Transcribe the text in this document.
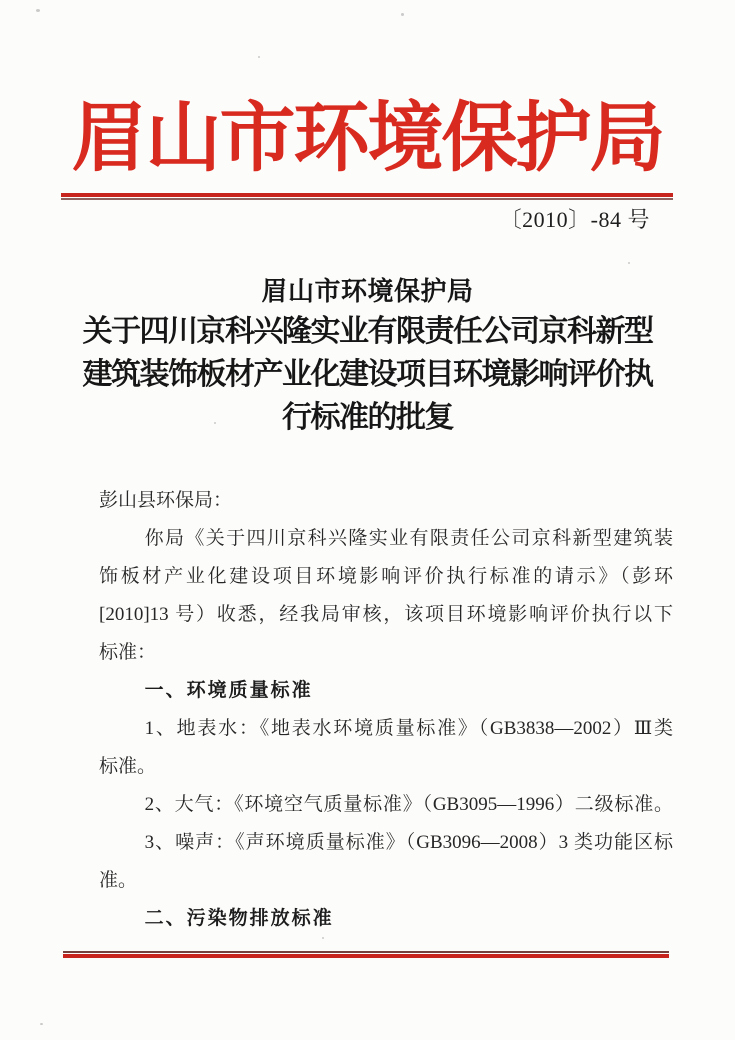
眉山市环境保护局
〔2010〕-84 号
眉山市环境保护局
关于四川京科兴隆实业有限责任公司京科新型
建筑装饰板材产业化建设项目环境影响评价执
行标准的批复
彭山县环保局：
你局《关于四川京科兴隆实业有限责任公司京科新型建筑装
饰板材产业化建设项目环境影响评价执行标准的请示》（彭环
[2010]13 号）收悉，经我局审核，该项目环境影响评价执行以下
标准：
一、环境质量标准
1、地表水：《地表水环境质量标准》（GB3838—2002）Ⅲ类
标准。
2、大气：《环境空气质量标准》（GB3095—1996）二级标准。
3、噪声：《声环境质量标准》（GB3096—2008）3 类功能区标
准。
二、污染物排放标准
